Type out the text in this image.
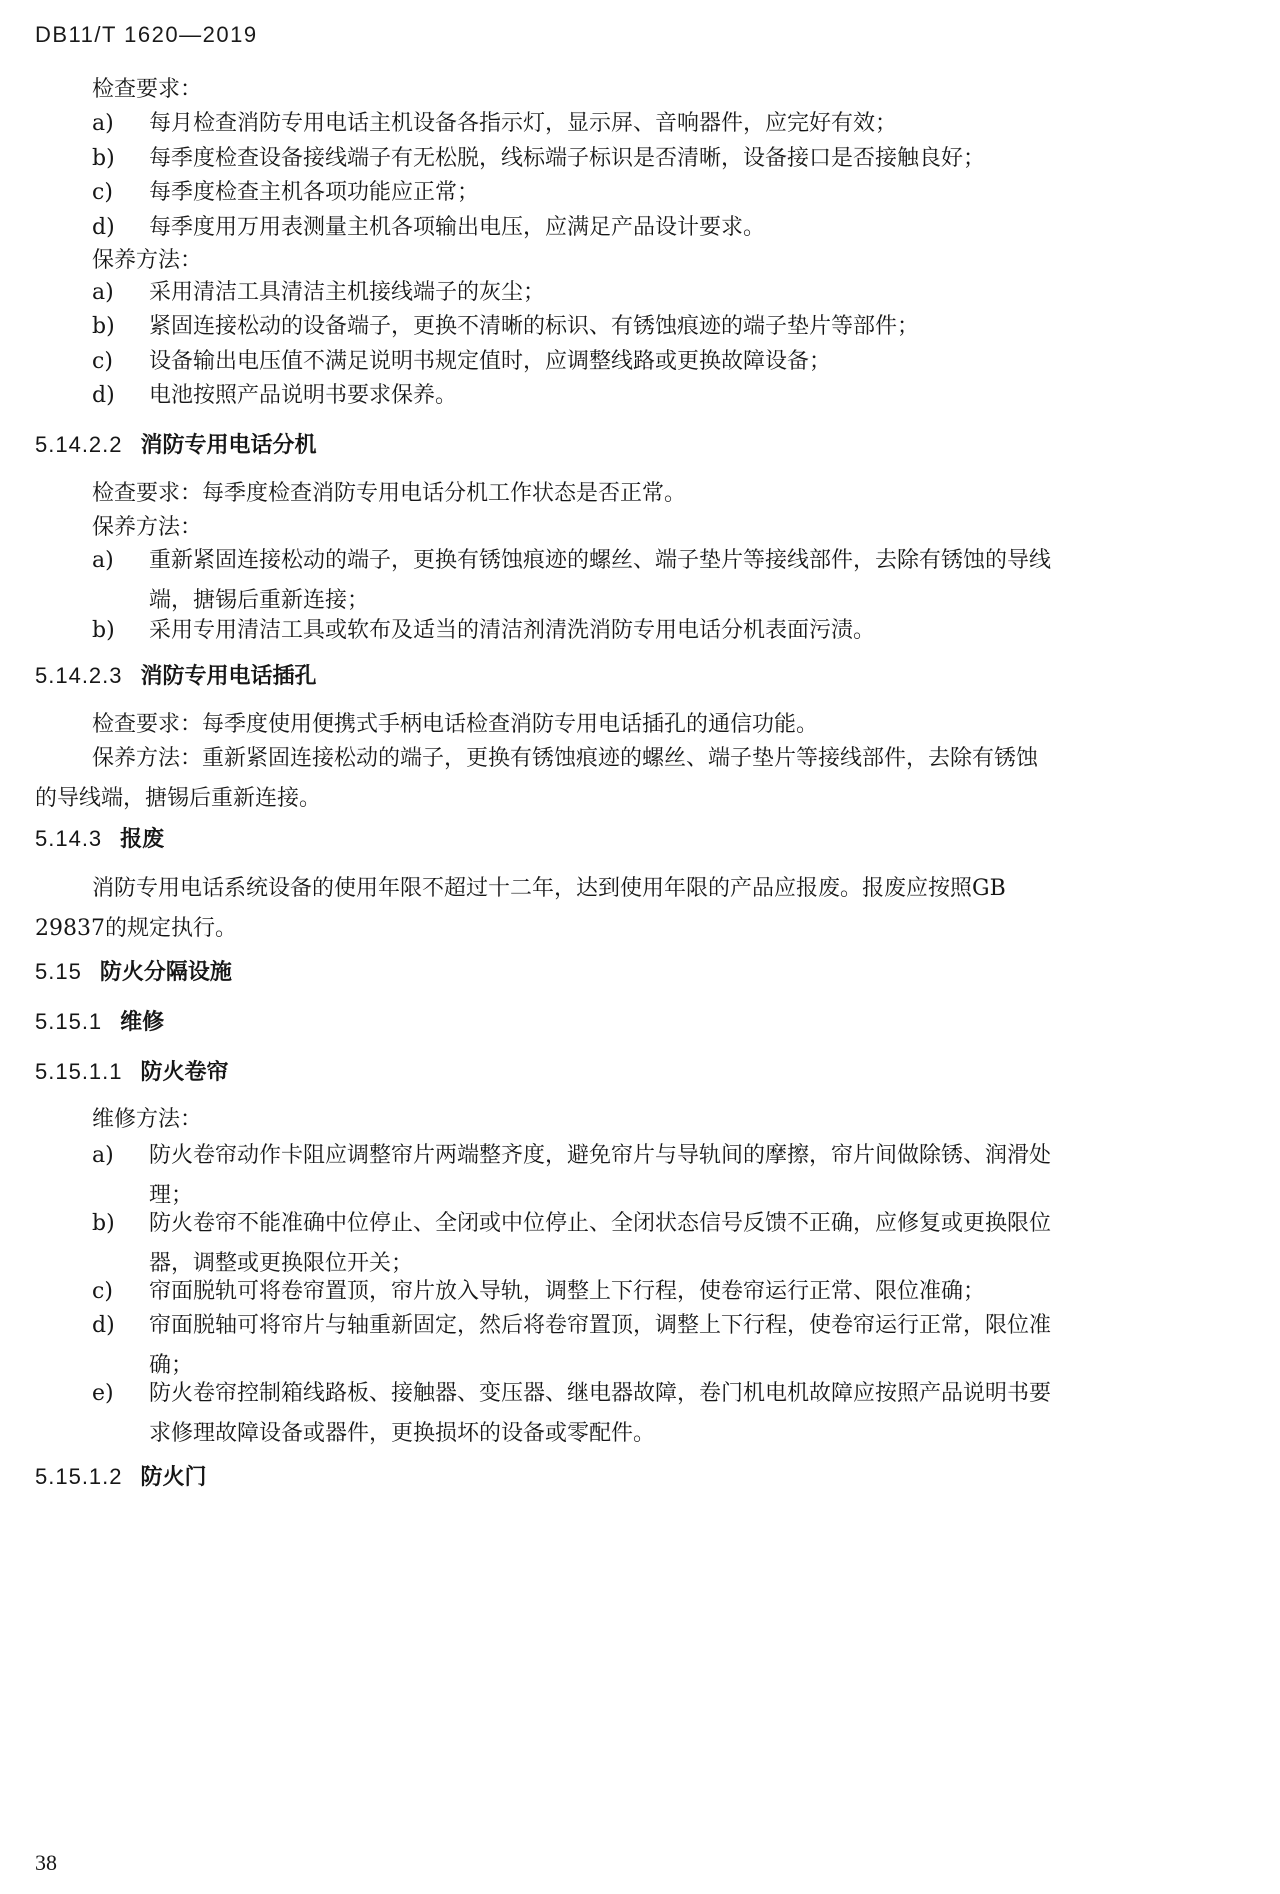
DB11/T 1620—2019

检查要求：

a)	每月检查消防专用电话主机设备各指示灯，显示屏、音响器件，应完好有效；
b)	每季度检查设备接线端子有无松脱，线标端子标识是否清晰，设备接口是否接触良好；
c)	每季度检查主机各项功能应正常；
d)	每季度用万用表测量主机各项输出电压，应满足产品设计要求。

保养方法：

a)	采用清洁工具清洁主机接线端子的灰尘；
b)	紧固连接松动的设备端子，更换不清晰的标识、有锈蚀痕迹的端子垫片等部件；
c)	设备输出电压值不满足说明书规定值时，应调整线路或更换故障设备；
d)	电池按照产品说明书要求保养。
5.14.2.2 消防专用电话分机

检查要求：每季度检查消防专用电话分机工作状态是否正常。

保养方法：

a)	重新紧固连接松动的端子，更换有锈蚀痕迹的螺丝、端子垫片等接线部件，去除有锈蚀的导线
端，搪锡后重新连接；
b)	采用专用清洁工具或软布及适当的清洁剂清洗消防专用电话分机表面污渍。
5.14.2.3 消防专用电话插孔

检查要求：每季度使用便携式手柄电话检查消防专用电话插孔的通信功能。

保养方法：重新紧固连接松动的端子，更换有锈蚀痕迹的螺丝、端子垫片等接线部件，去除有锈蚀
的导线端，搪锡后重新连接。
5.14.3 报废
消防专用电话系统设备的使用年限不超过十二年，达到使用年限的产品应报废。报废应按照GB
29837的规定执行。
5.15 防火分隔设施
5.15.1 维修
5.15.1.1 防火卷帘

维修方法：

a)	防火卷帘动作卡阻应调整帘片两端整齐度，避免帘片与导轨间的摩擦，帘片间做除锈、润滑处
理；
b)	防火卷帘不能准确中位停止、全闭或中位停止、全闭状态信号反馈不正确，应修复或更换限位
器，调整或更换限位开关；
c)	帘面脱轨可将卷帘置顶，帘片放入导轨，调整上下行程，使卷帘运行正常、限位准确；
d)	帘面脱轴可将帘片与轴重新固定，然后将卷帘置顶，调整上下行程，使卷帘运行正常，限位准
确；
e)	防火卷帘控制箱线路板、接触器、变压器、继电器故障，卷门机电机故障应按照产品说明书要
求修理故障设备或器件，更换损坏的设备或零配件。
5.15.1.2 防火门
38
